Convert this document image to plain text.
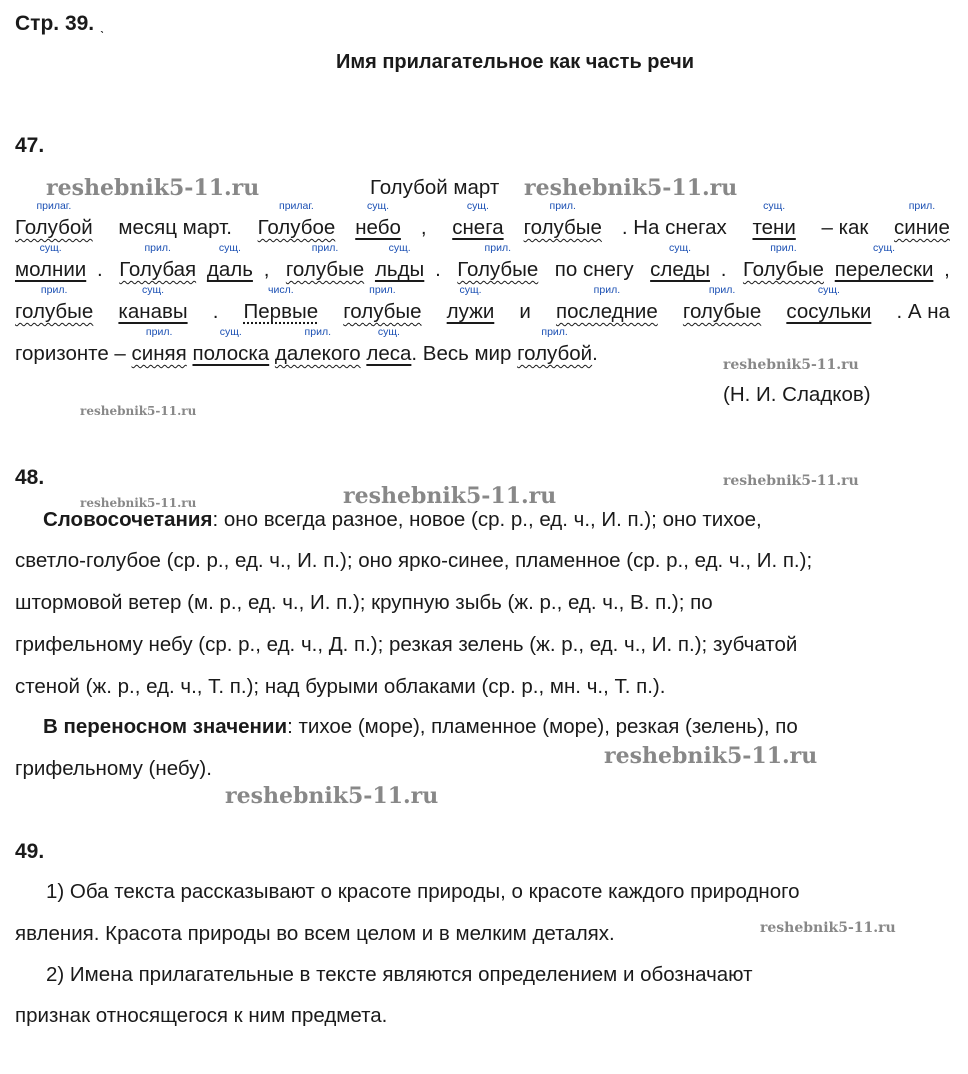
Стр. 39. ˎ
Имя прилагательное как часть речи
47.
reshebnik5-11.ru	Голубой март reshebnik5-11.ru
прилаг.
Голубой месяц март.
прилаг.
Голубое
сущ.
небо ,
сущ.
снега
прил.
голубые . На снегах
сущ.
тени – как
прил.
синие
сущ.
молнии .
прил.
Голубая
сущ.
даль ,
прил.
голубые
сущ.
льды .
прил.
Голубые по снегу
сущ.
следы .
прил.
Голубые
сущ.
перелески ,
прил.
голубые
сущ.
канавы .
числ.
Первые
прил.
голубые
сущ.
лужи и
прил.
последние
прил.
голубые
сущ.
сосульки . А на
горизонте –
прил.
синяя
сущ.
полоска
прил.
далекого
сущ.
леса. Весь мир
прил.
голубой.	reshebnik5-11.ru
(Н. И. Сладков)
reshebnik5-11.ru
48.	reshebnik5-11.ru
reshebnik5-11.ru	reshebnik5-11.ru
Словосочетания : оно всегда разное, новое (ср. р., ед. ч., И. п.); оно тихое,
светло-голубое (ср. р., ед. ч., И. п.); оно ярко-синее, пламенное (ср. р., ед. ч., И. п.);
штормовой ветер (м. р., ед. ч., И. п.); крупную зыбь (ж. р., ед. ч., В. п.); по
грифельному небу (ср. р., ед. ч., Д. п.); резкая зелень (ж. р., ед. ч., И. п.); зубчатой
стеной (ж. р., ед. ч., Т. п.); над бурыми облаками (ср. р., мн. ч., Т. п.).
В переносном значении : тихое (море), пламенное (море), резкая (зелень), по
грифельному (небу).	reshebnik5-11.ru
reshebnik5-11.ru
49.
1) Оба текста рассказывают о красоте природы, о красоте каждого природного
явления. Красота природы во всем целом и в мелким деталях.	reshebnik5-11.ru
2) Имена прилагательные в тексте являются определением и обозначают
признак относящегося к ним предмета.
